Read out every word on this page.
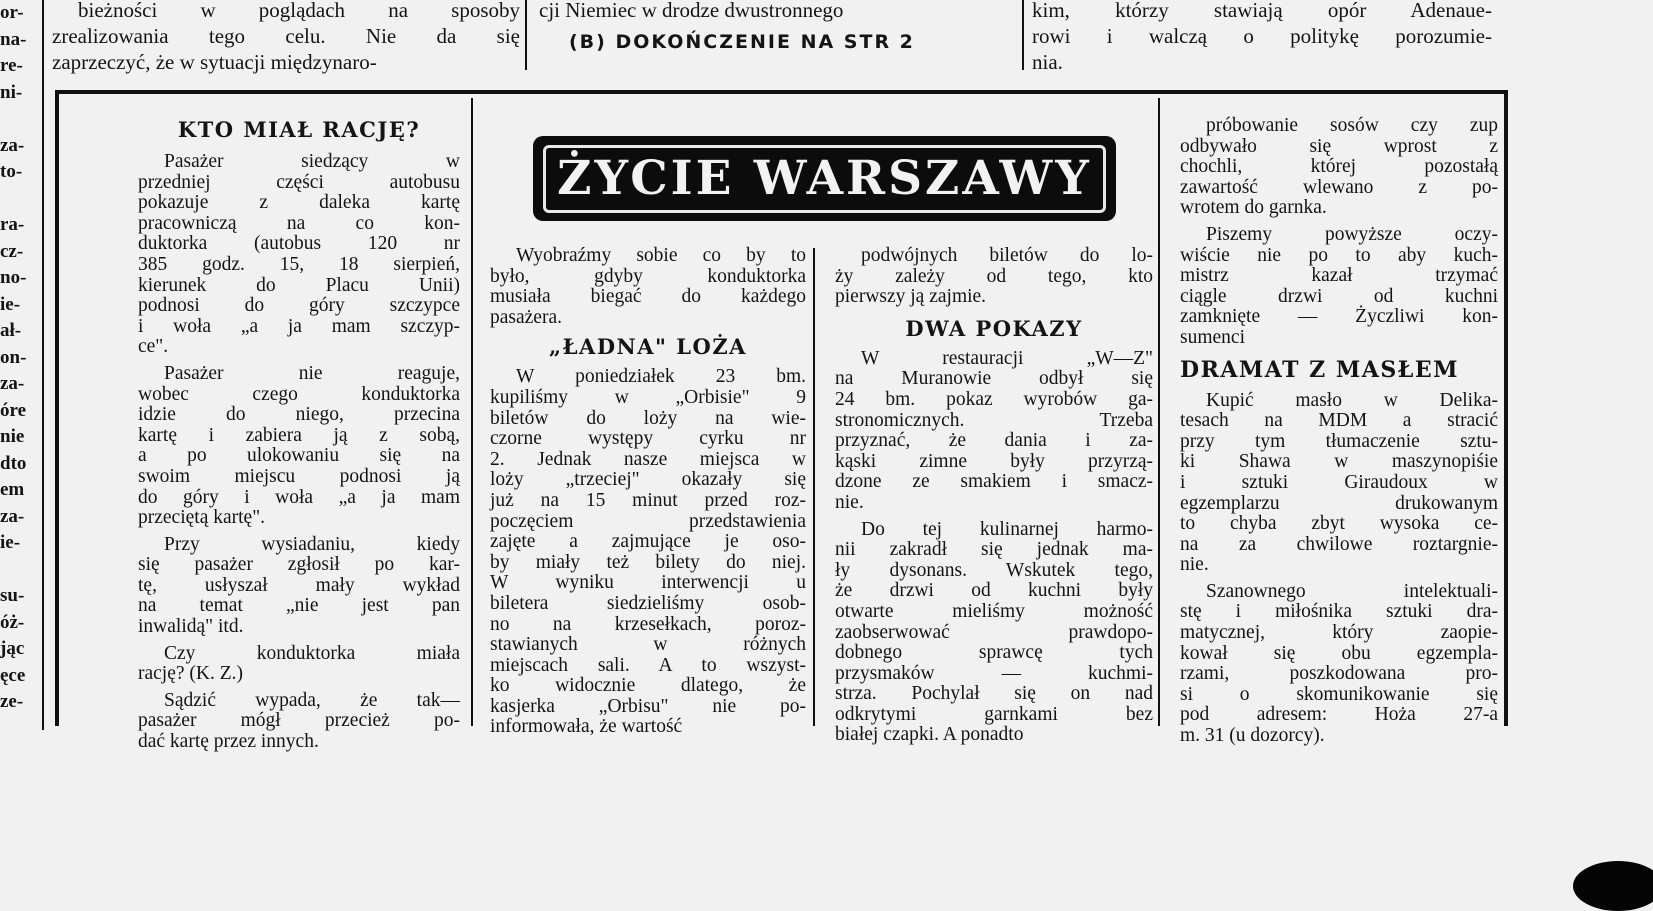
bieżności w poglądach na sposoby
zrealizowania tego celu. Nie da się
zaprzeczyć, że w sytuacji międzynaro-
cji Niemiec w drodze dwustronnego
(B) DOKOŃCZENIE NA STR 2
kim, którzy stawiają opór Adenaue-
rowi i walczą o politykę porozumie-
nia.
or-
na-
re-
ni-

za-
to-

ra-
cz-
no-
ie-
ał-
on-
za-
óre
nie
dto
em
za-
ie-

su-
óż-
jąc
ęce
ze-
ŻYCIE WARSZAWY
KTO MIAŁ RACJĘ?

Pasażer siedzący w
przedniej części autobusu
pokazuje z daleka kartę
pracowniczą na co kon-
duktorka (autobus 120 nr
385 godz. 15, 18 sierpień,
kierunek do Placu Unii)
podnosi do góry szczypce
i woła „a ja mam szczyp-
ce".

Pasażer nie reaguje,
wobec czego konduktorka
idzie do niego, przecina
kartę i zabiera ją z sobą,
a po ulokowaniu się na
swoim miejscu podnosi ją
do góry i woła „a ja mam
przeciętą kartę".

Przy wysiadaniu, kiedy
się pasażer zgłosił po kar-
tę, usłyszał mały wykład
na temat „nie jest pan
inwalidą" itd.

Czy konduktorka miała
rację? (K. Z.)

Sądzić wypada, że tak—
pasażer mógł przecież po-
dać kartę przez innych.

Wyobraźmy sobie co by to
było, gdyby konduktorka
musiała biegać do każdego
pasażera.

„ŁADNA" LOŻA

W poniedziałek 23 bm.
kupiliśmy w „Orbisie" 9
biletów do loży na wie-
czorne występy cyrku nr
2. Jednak nasze miejsca w
loży „trzeciej" okazały się
już na 15 minut przed roz-
poczęciem przedstawienia
zajęte a zajmujące je oso-
by miały też bilety do niej.
W wyniku interwencji u
biletera siedzieliśmy osob-
no na krzesełkach, poroz-
stawianych w różnych
miejscach sali. A to wszyst-
ko widocznie dlatego, że
kasjerka „Orbisu" nie po-
informowała, że wartość

podwójnych biletów do lo-
ży zależy od tego, kto
pierwszy ją zajmie.

DWA POKAZY

W restauracji „W—Z"
na Muranowie odbył się
24 bm. pokaz wyrobów ga-
stronomicznych. Trzeba
przyznać, że dania i za-
kąski zimne były przyrzą-
dzone ze smakiem i smacz-
nie.

Do tej kulinarnej harmo-
nii zakradł się jednak ma-
ły dysonans. Wskutek tego,
że drzwi od kuchni były
otwarte mieliśmy możność
zaobserwować prawdopo-
dobnego sprawcę tych
przysmaków — kuchmi-
strza. Pochylał się on nad
odkrytymi garnkami bez
białej czapki. A ponadto

próbowanie sosów czy zup
odbywało się wprost z
chochli, której pozostałą
zawartość wlewano z po-
wrotem do garnka.

Piszemy powyższe oczy-
wiście nie po to aby kuch-
mistrz kazał trzymać
ciągle drzwi od kuchni
zamknięte — Życzliwi kon-
sumenci

DRAMAT Z MASŁEM

Kupić masło w Delika-
tesach na MDM a stracić
przy tym tłumaczenie sztu-
ki Shawa w maszynopiśie
i sztuki Giraudoux w
egzemplarzu drukowanym
to chyba zbyt wysoka ce-
na za chwilowe roztargnie-
nie.

Szanownego intelektuali-
stę i miłośnika sztuki dra-
matycznej, który zaopie-
kował się obu egzempla-
rzami, poszkodowana pro-
si o skomunikowanie się
pod adresem: Hoża 27-a
m. 31 (u dozorcy).
